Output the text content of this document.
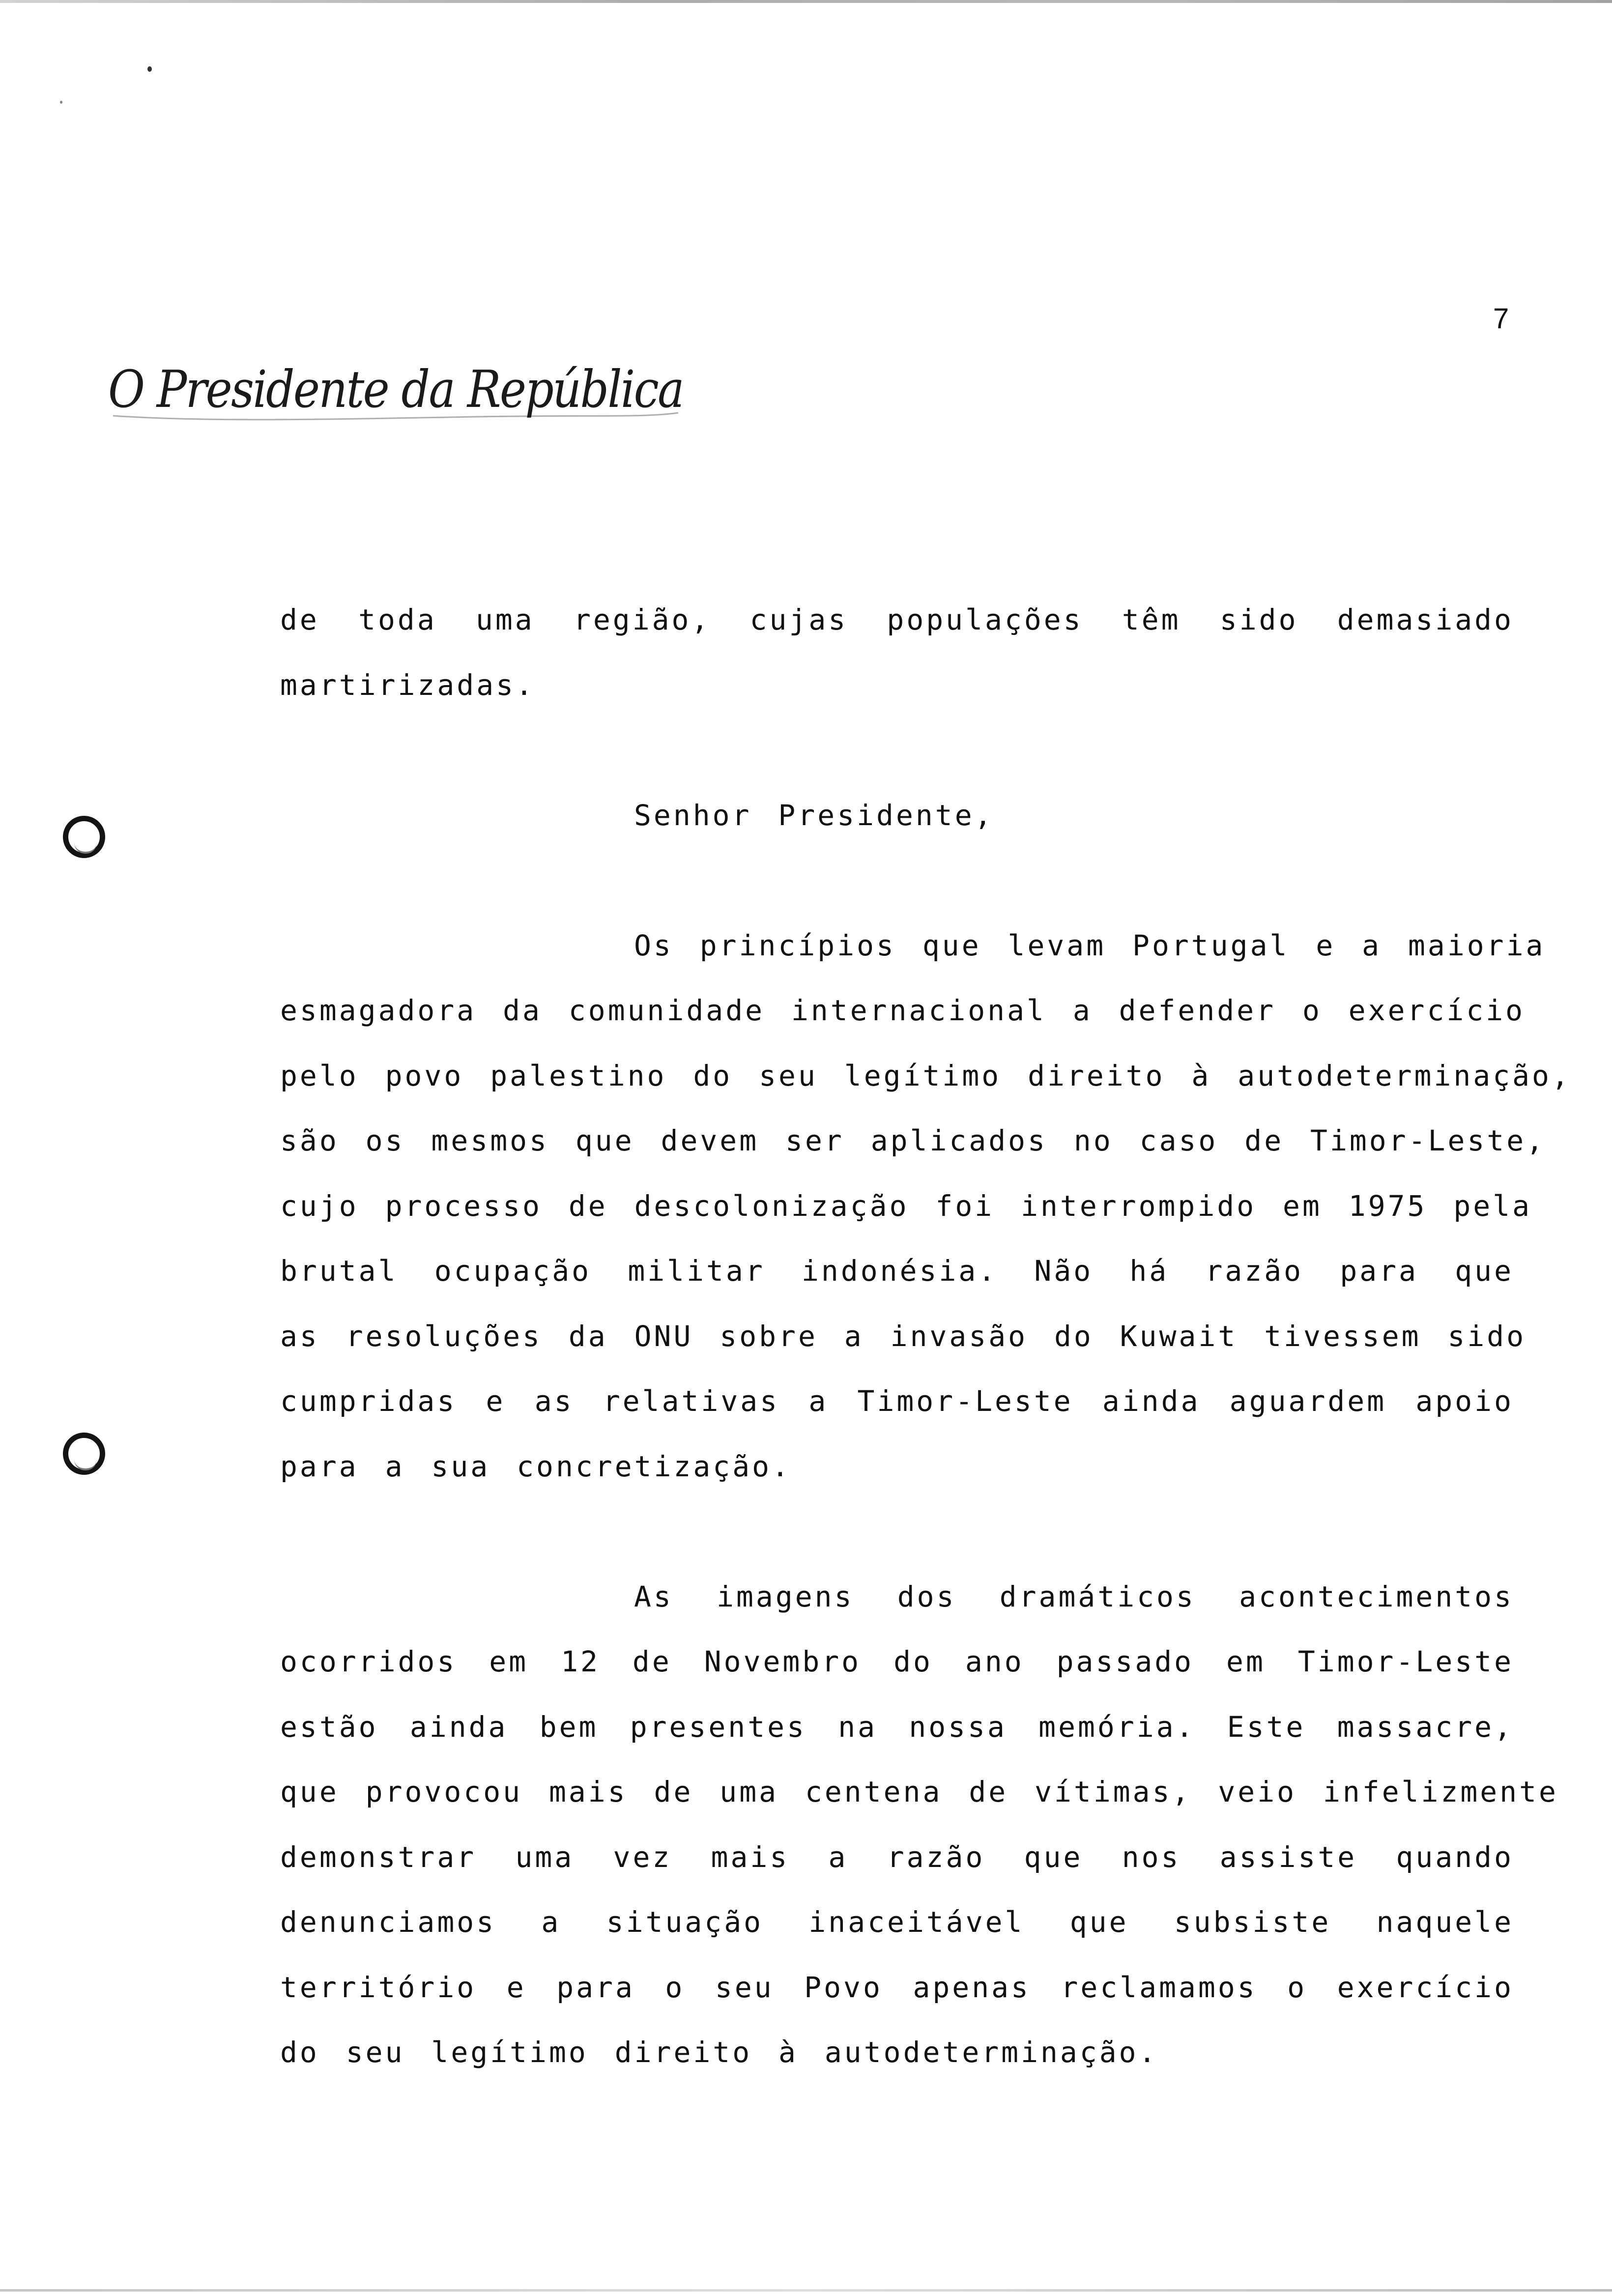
7
O Presidente da República
de toda uma região, cujas populações têm sido demasiado
martirizadas.
Senhor Presidente,
Os princípios que levam Portugal e a maioria
esmagadora da comunidade internacional a defender o exercício
pelo povo palestino do seu legítimo direito à autodeterminação,
são os mesmos que devem ser aplicados no caso de Timor-Leste,
cujo processo de descolonização foi interrompido em 1975 pela
brutal ocupação militar indonésia. Não há razão para que
as resoluções da ONU sobre a invasão do Kuwait tivessem sido
cumpridas e as relativas a Timor-Leste ainda aguardem apoio
para a sua concretização.
As imagens dos dramáticos acontecimentos
ocorridos em 12 de Novembro do ano passado em Timor-Leste
estão ainda bem presentes na nossa memória. Este massacre,
que provocou mais de uma centena de vítimas, veio infelizmente
demonstrar uma vez mais a razão que nos assiste quando
denunciamos a situação inaceitável que subsiste naquele
território e para o seu Povo apenas reclamamos o exercício
do seu legítimo direito à autodeterminação.
